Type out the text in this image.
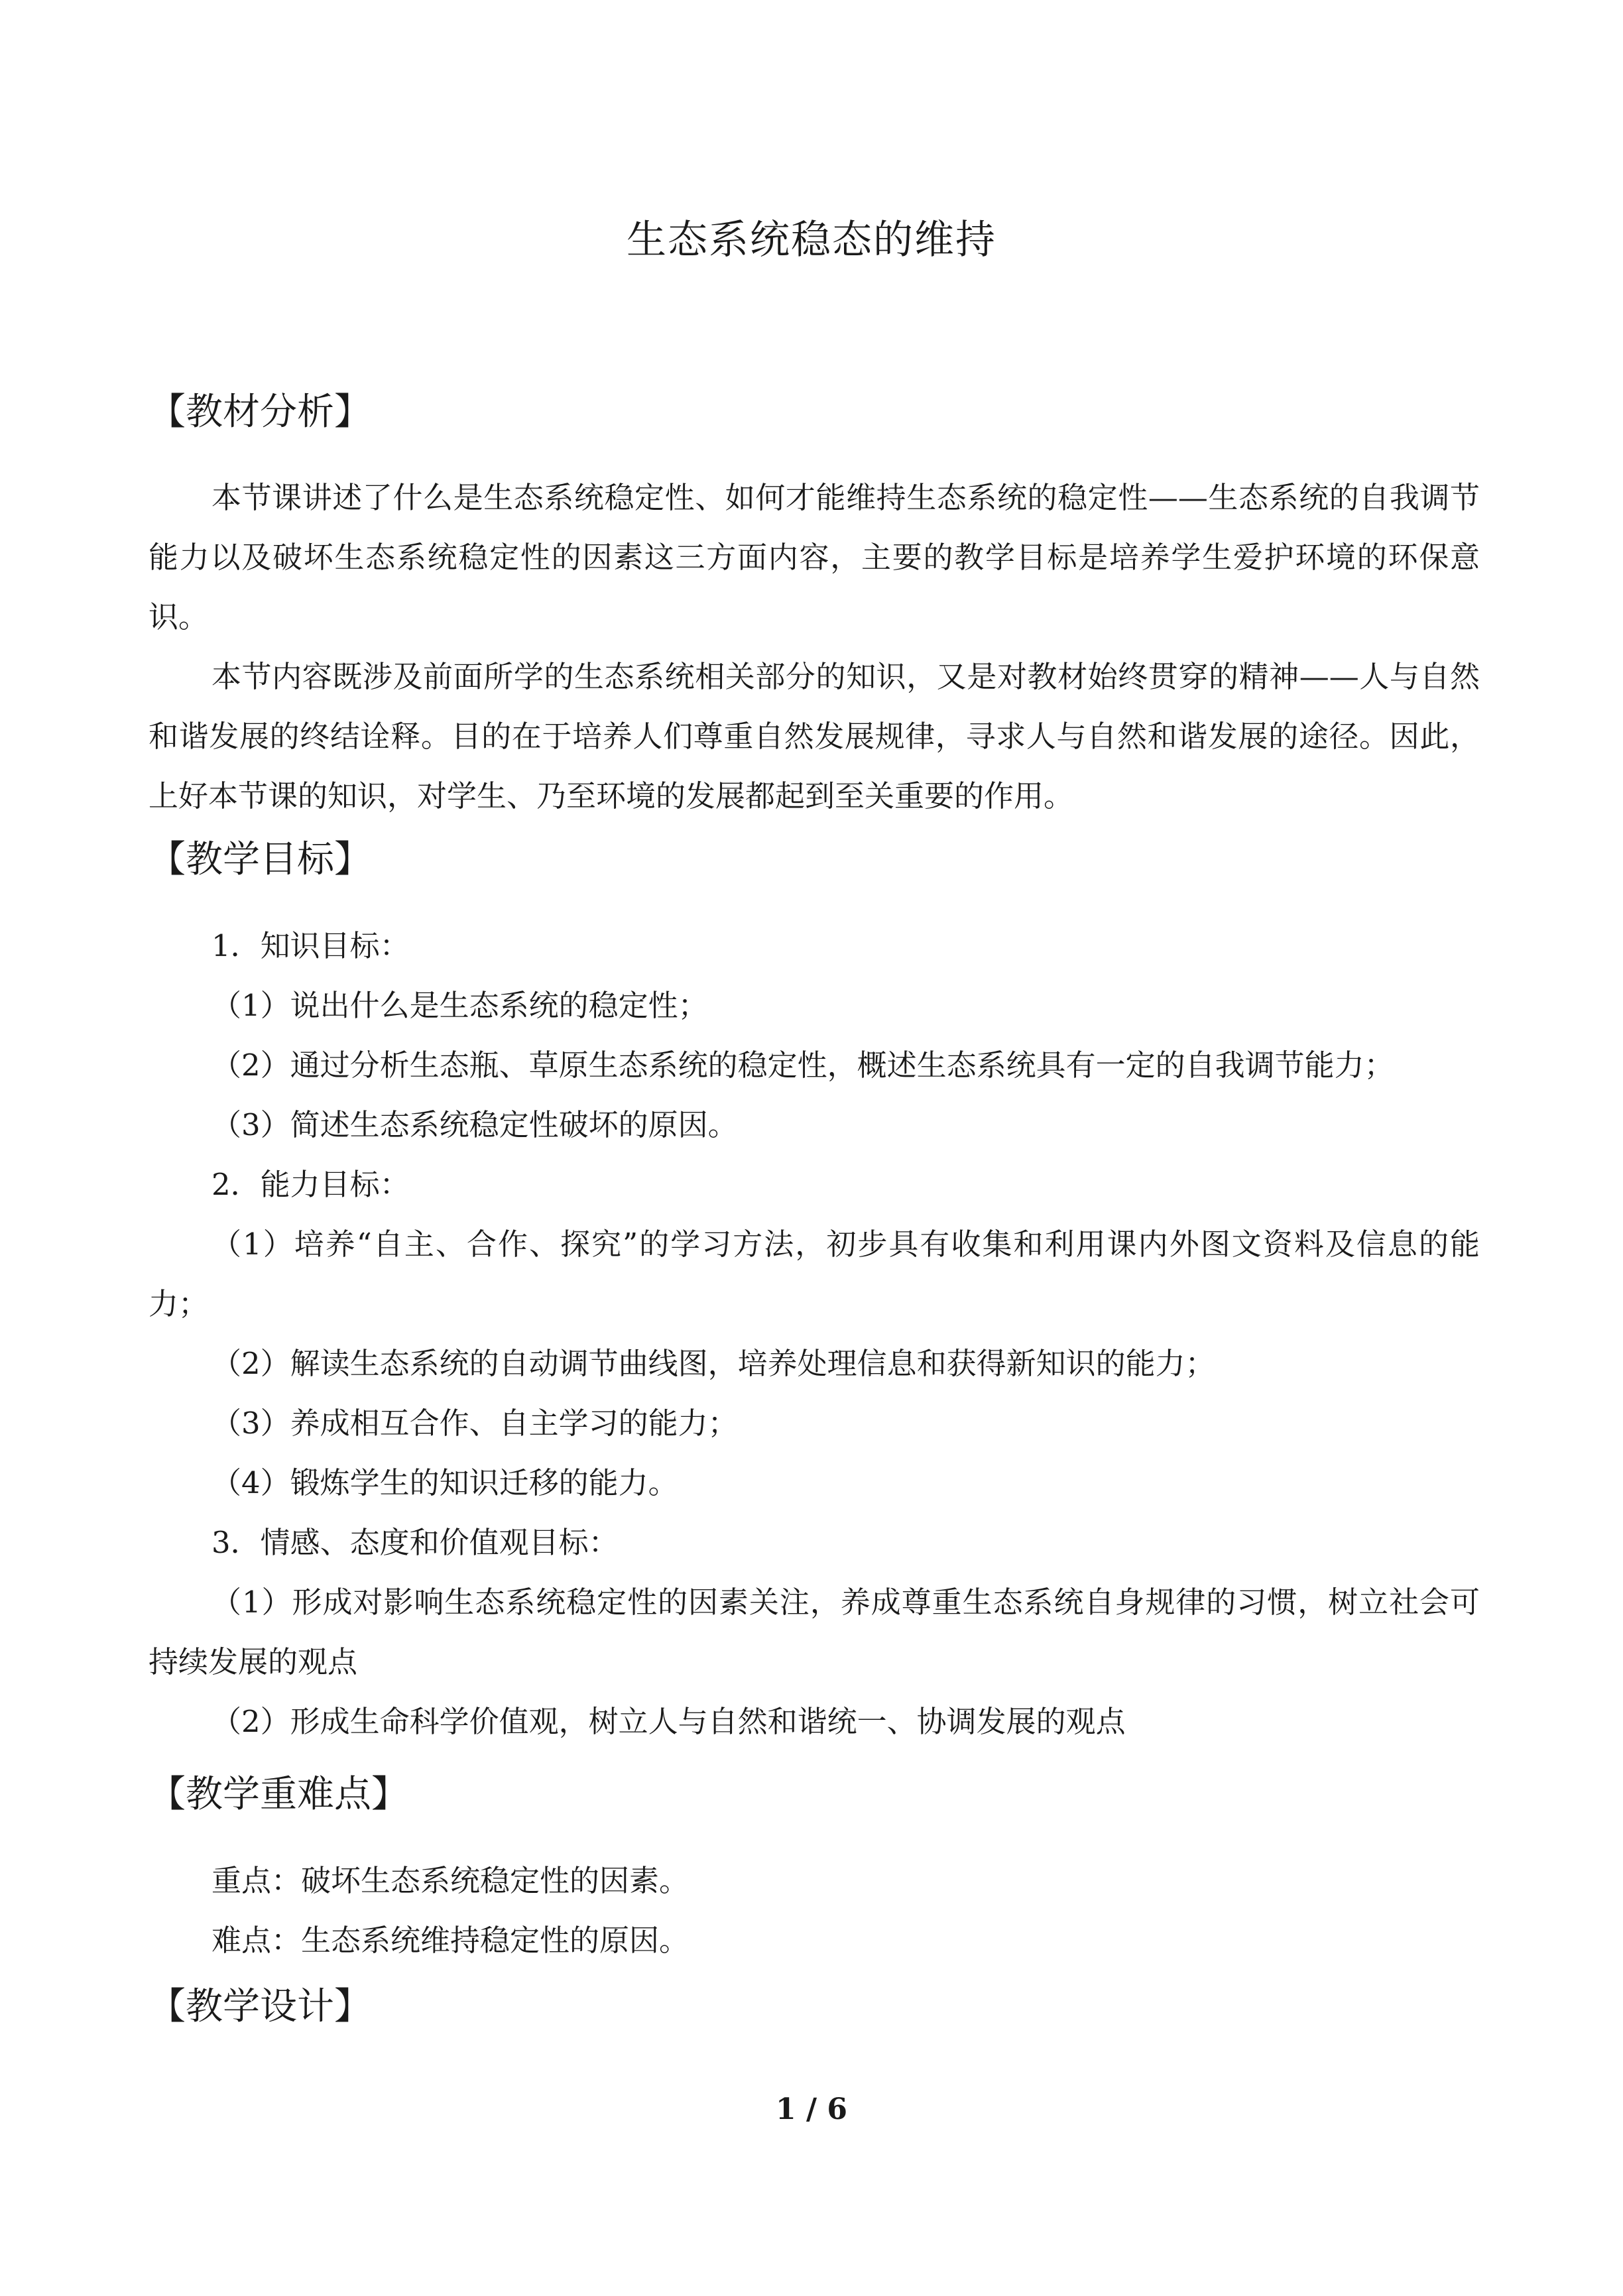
生态系统稳态的维持
【教材分析】

本节课讲述了什么是生态系统稳定性、如何才能维持生态系统的稳定性——生态系统的自我调节能力以及破坏生态系统稳定性的因素这三方面内容，主要的教学目标是培养学生爱护环境的环保意识。

本节内容既涉及前面所学的生态系统相关部分的知识，又是对教材始终贯穿的精神——人与自然和谐发展的终结诠释。目的在于培养人们尊重自然发展规律，寻求人与自然和谐发展的途径。因此，上好本节课的知识，对学生、乃至环境的发展都起到至关重要的作用。

【教学目标】
1．知识目标：
（1）说出什么是生态系统的稳定性；
（2）通过分析生态瓶、草原生态系统的稳定性，概述生态系统具有一定的自我调节能力；
（3）简述生态系统稳定性破坏的原因。
2．能力目标：

（1）培养“自主、合作、探究”的学习方法，初步具有收集和利用课内外图文资料及信息的能力；

（2）解读生态系统的自动调节曲线图，培养处理信息和获得新知识的能力；
（3）养成相互合作、自主学习的能力；
（4）锻炼学生的知识迁移的能力。
3．情感、态度和价值观目标：

（1）形成对影响生态系统稳定性的因素关注，养成尊重生态系统自身规律的习惯，树立社会可持续发展的观点

（2）形成生命科学价值观，树立人与自然和谐统一、协调发展的观点
【教学重难点】
重点：破坏生态系统稳定性的因素。
难点：生态系统维持稳定性的原因。
【教学设计】
1 / 6
